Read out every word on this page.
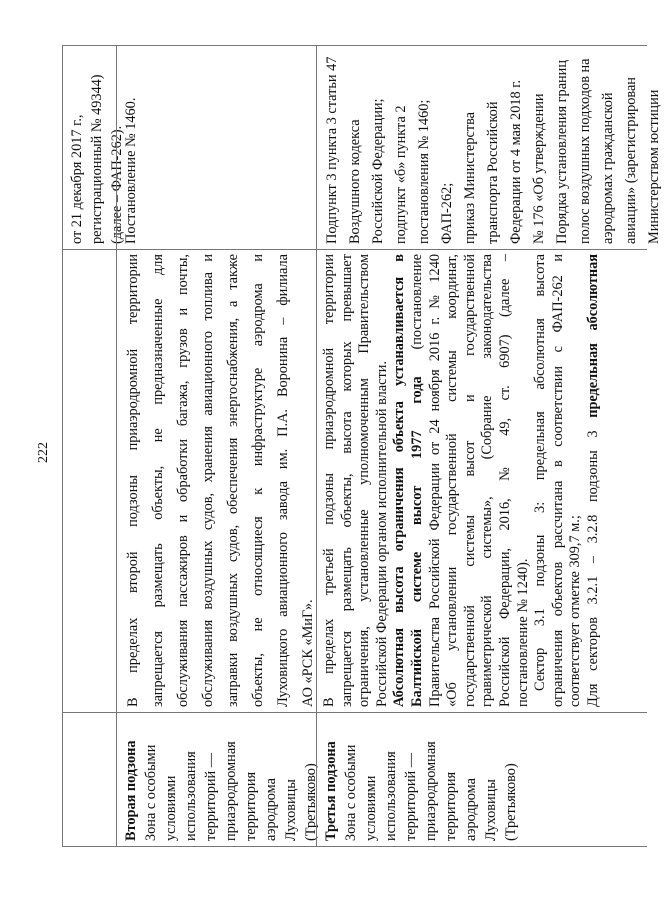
222
от 21 декабря 2017 г., регистрационный № 49344) (далее – ФАП-262).
Вторая подзона Зона с особыми условиями использования территорий — приаэродромная территория аэродрома Луховицы (Третьяково)
В пределах второй подзоны приаэродромной территории запрещается размещать объекты, не предназначенные для обслуживания пассажиров и обработки багажа, грузов и почты, обслуживания воздушных судов, хранения авиационного топлива и заправки воздушных судов, обеспечения энергоснабжения, а также объекты, не относящиеся к инфраструктуре аэродрома и Луховицкого авиационного завода им. П.А. Воронина – филиала АО «РСК «МиГ».
Постановление № 1460.
Третья подзона Зона с особыми условиями использования территорий — приаэродромная территория аэродрома Луховицы (Третьяково)
В пределах третьей подзоны приаэродромной территории запрещается размещать объекты, высота которых превышает ограничения, установленные уполномоченным Правительством Российской Федерации органом исполнительной власти. Абсолютная высота ограничения объекта устанавливается в Балтийской системе высот 1977 года (постановление Правительства Российской Федерации от 24 ноября 2016 г. № 1240 «Об установлении государственной системы координат, государственной системы высот и государственной гравиметрической системы», (Собрание законодательства Российской Федерации, 2016, № 49, ст. 6907) (далее – постановление № 1240). Сектор 3.1 подзоны 3: предельная абсолютная высота ограничения объектов рассчитана в соответствии с ФАП-262 и соответствует отметке 309,7 м.; Для секторов 3.2.1 – 3.2.8 подзоны 3 предельная абсолютная
Подпункт 3 пункта 3 статьи 47 Воздушного кодекса Российской Федерации; подпункт «б» пункта 2 постановления № 1460; ФАП-262; приказ Министерства транспорта Российской Федерации от 4 мая 2018 г. № 176 «Об утверждении Порядка установления границ полос воздушных подходов на аэродромах гражданской авиации» (зарегистрирован Министерством юстиции
